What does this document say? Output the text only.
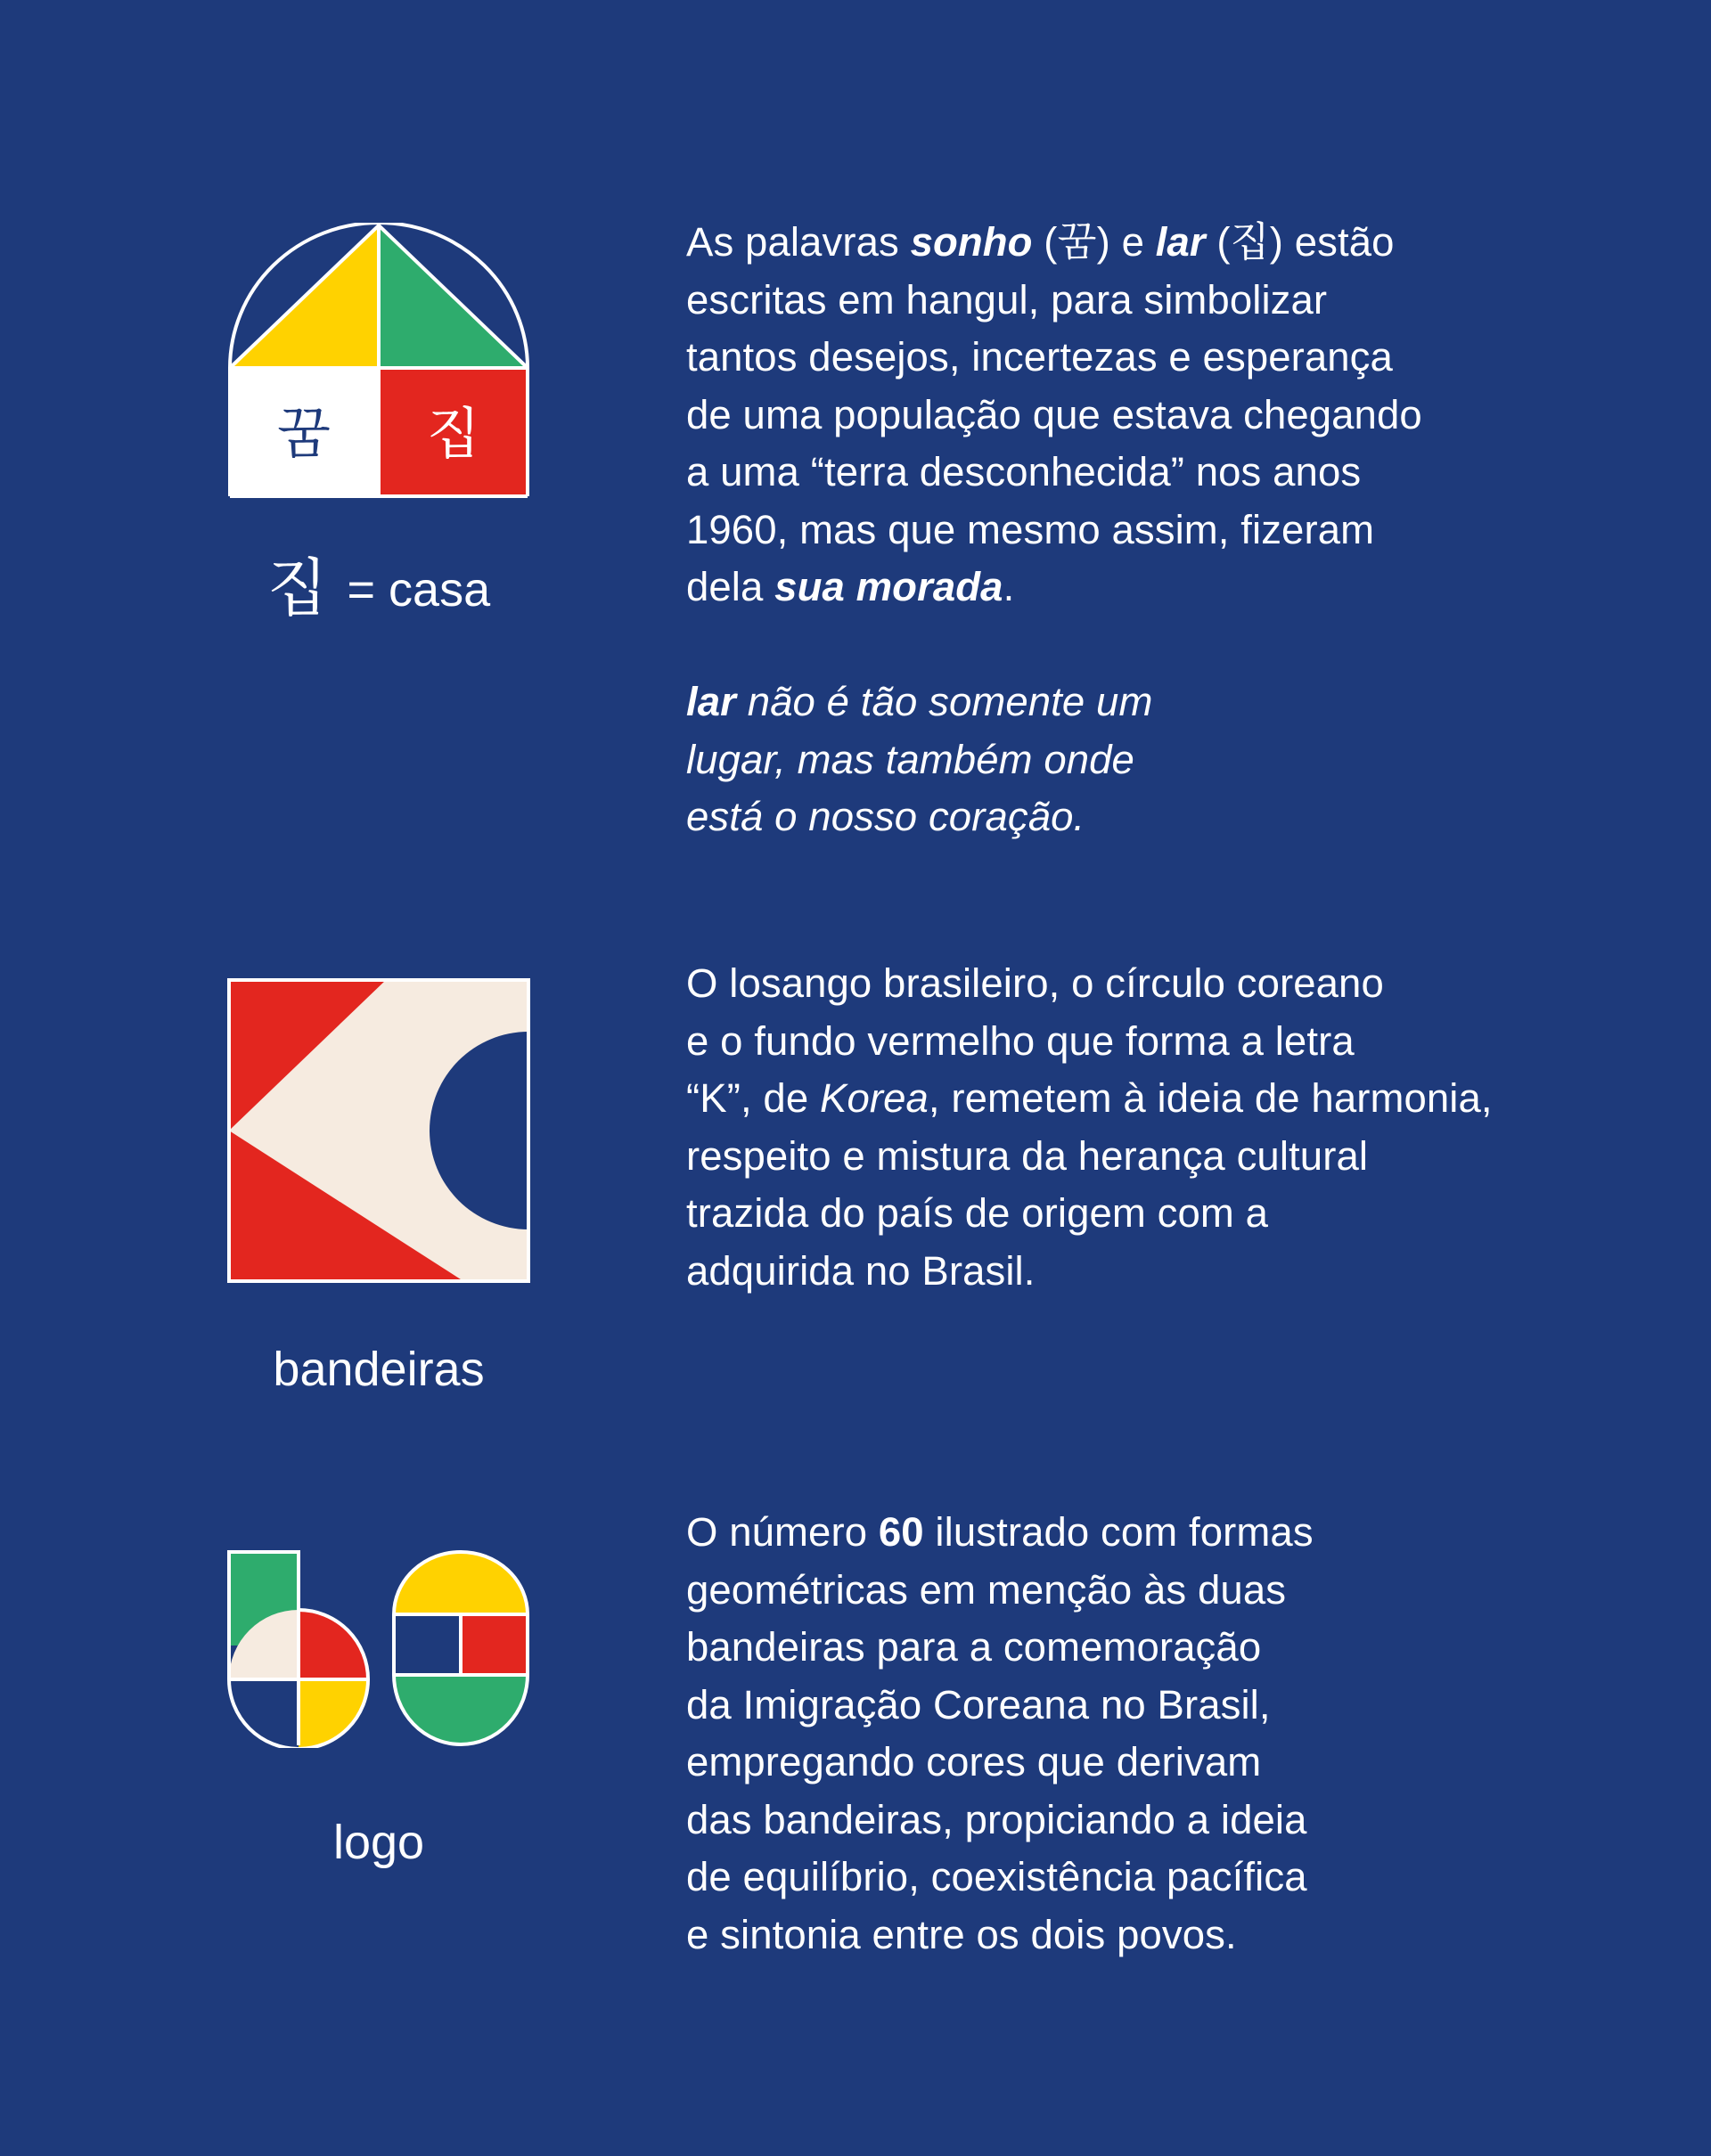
꿈 집
집 = casa

As palavras sonho (꿈) e lar (집) estão
escritas em hangul, para simbolizar
tantos desejos, incertezas e esperança
de uma população que estava chegando
a uma “terra desconhecida” nos anos
1960, mas que mesmo assim, fizeram
dela sua morada.

lar não é tão somente um
lugar, mas também onde
está o nosso coração.

bandeiras

O losango brasileiro, o círculo coreano
e o fundo vermelho que forma a letra
“K”, de Korea, remetem à ideia de harmonia,
respeito e mistura da herança cultural
trazida do país de origem com a
adquirida no Brasil.

logo

O número 60 ilustrado com formas
geométricas em menção às duas
bandeiras para a comemoração
da Imigração Coreana no Brasil,
empregando cores que derivam
das bandeiras, propiciando a ideia
de equilíbrio, coexistência pacífica
e sintonia entre os dois povos.
